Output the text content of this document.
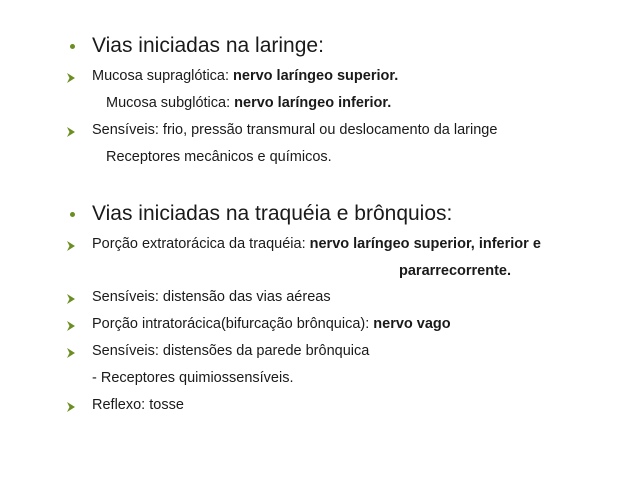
Vias iniciadas na laringe:
Mucosa supraglótica: nervo laríngeo superior.
Mucosa subglótica: nervo laríngeo inferior.
Sensíveis: frio, pressão transmural ou deslocamento da laringe
Receptores mecânicos e químicos.
Vias iniciadas na traquéia e brônquios:
Porção extratorácica da traquéia: nervo laríngeo superior, inferior e
pararrecorrente.
Sensíveis: distensão das vias aéreas
Porção intratorácica(bifurcação brônquica): nervo vago
Sensíveis: distensões da parede brônquica
- Receptores quimiossensíveis.
Reflexo: tosse
